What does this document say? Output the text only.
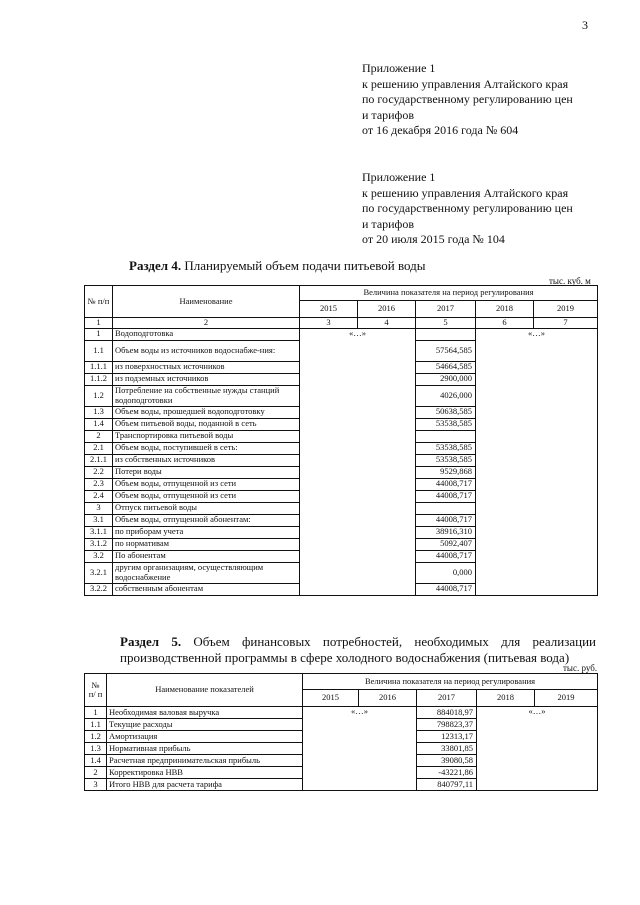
3
Приложение 1
к решению управления Алтайского края
по государственному регулированию цен
и тарифов
от 16 декабря 2016 года № 604
Приложение 1
к решению управления Алтайского края
по государственному регулированию цен
и тарифов
от 20 июля 2015 года № 104
Раздел 4. Планируемый объем подачи питьевой воды
тыс. куб. м
№ п/п	Наименование	Величина показателя на период регулирования				
		2015	2016	2017	2018	2019
1	2	3	4	5	6	7
1	Водоподготовка	«…»			«…»	
1.1	Объем воды из источников водоснабже-ния:			57564,585		
1.1.1	из поверхностных источников			54664,585		
1.1.2	из подземных источников			2900,000		
1.2	Потребление на собственные нужды станций водоподготовки			4026,000		
1.3	Объем воды, прошедшей водоподготовку			50638,585		
1.4	Объем питьевой воды, поданной в сеть			53538,585		
2	Транспортировка питьевой воды					
2.1	Объем воды, поступившей в сеть:			53538,585		
2.1.1	из собственных источников			53538,585		
2.2	Потери воды			9529,868		
2.3	Объем воды, отпущенной из сети			44008,717		
2.4	Объем воды, отпущенной из сети			44008,717		
3	Отпуск питьевой воды					
3.1	Объем воды, отпущенной абонентам:			44008,717		
3.1.1	по приборам учета			38916,310		
3.1.2	по нормативам			5092,407		
3.2	По абонентам			44008,717		
3.2.1	другим организациям, осуществляющим водоснабжение			0,000		
3.2.2	собственным абонентам			44008,717		
Раздел 5. Объем финансовых потребностей, необходимых для реализации производственной программы в сфере холодного водоснабжения (питьевая вода)
тыс. руб.
№ п/ п	Наименование показателей	Величина показателя на период регулирования				
		2015	2016	2017	2018	2019
1	Необходимая валовая выручка	«…»		884018,97	«…»	
1.1	Текущие расходы			798823,37		
1.2	Амортизация			12313,17		
1.3	Нормативная прибыль			33801,85		
1.4	Расчетная предпринимательская прибыль			39080,58		
2	Корректировка НВВ			-43221,86		
3	Итого НВВ для расчета тарифа			840797,11		
